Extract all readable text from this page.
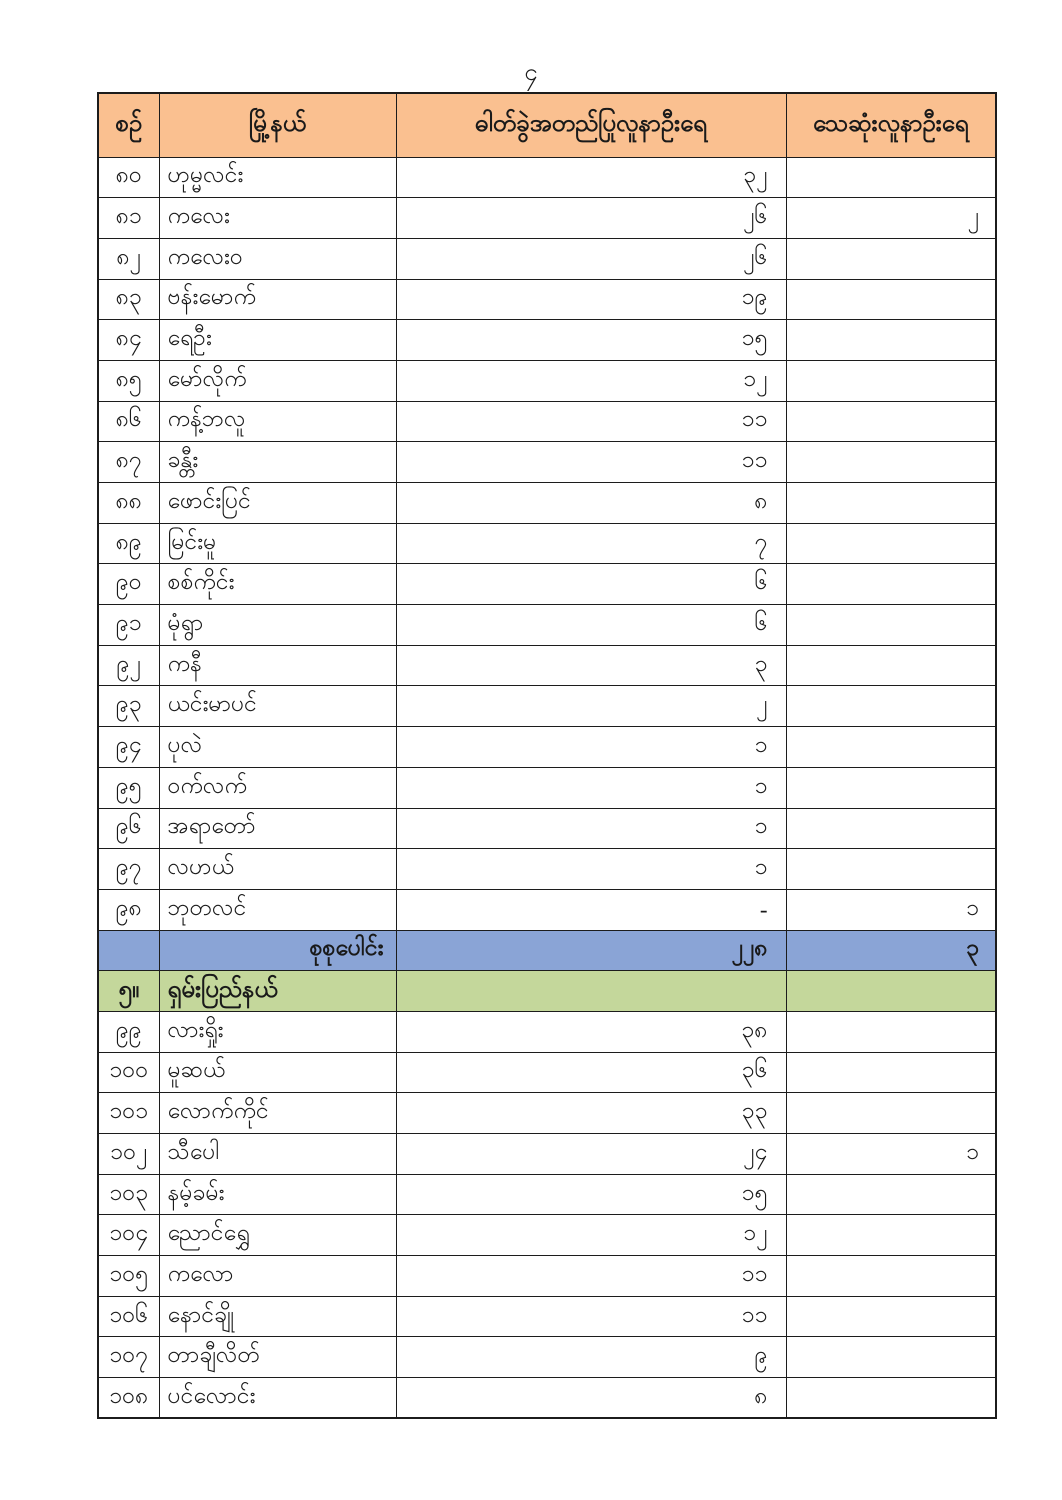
၄
စဉ်	မြို့နယ်	ဓါတ်ခွဲအတည်ပြုလူနာဦးရေ	သေဆုံးလူနာဦးရေ
၈၀	ဟုမ္မလင်း	၃၂	
၈၁	ကလေး	၂၆	၂
၈၂	ကလေးဝ	၂၆	
၈၃	ဗန်းမောက်	၁၉	
၈၄	ရေဦး	၁၅	
၈၅	မော်လိုက်	၁၂	
၈၆	ကန့်ဘလူ	၁၁	
၈၇	ခန္တီး	၁၁	
၈၈	ဖောင်းပြင်	၈	
၈၉	မြင်းမူ	၇	
၉၀	စစ်ကိုင်း	၆	
၉၁	မုံရွာ	၆	
၉၂	ကနီ	၃	
၉၃	ယင်းမာပင်	၂	
၉၄	ပုလဲ	၁	
၉၅	ဝက်လက်	၁	
၉၆	အရာတော်	၁	
၉၇	လဟယ်	၁	
၉၈	ဘုတလင်	-	၁
	စုစုပေါင်း	၂၂၈	၃
၅။	ရှမ်းပြည်နယ်		
၉၉	လားရှိုး	၃၈	
၁၀၀	မူဆယ်	၃၆	
၁၀၁	လောက်ကိုင်	၃၃	
၁၀၂	သီပေါ	၂၄	၁
၁၀၃	နမ့်ခမ်း	၁၅	
၁၀၄	ညောင်ရွှေ	၁၂	
၁၀၅	ကလော	၁၁	
၁၀၆	နောင်ချို	၁၁	
၁၀၇	တာချီလိတ်	၉	
၁၀၈	ပင်လောင်း	၈	
